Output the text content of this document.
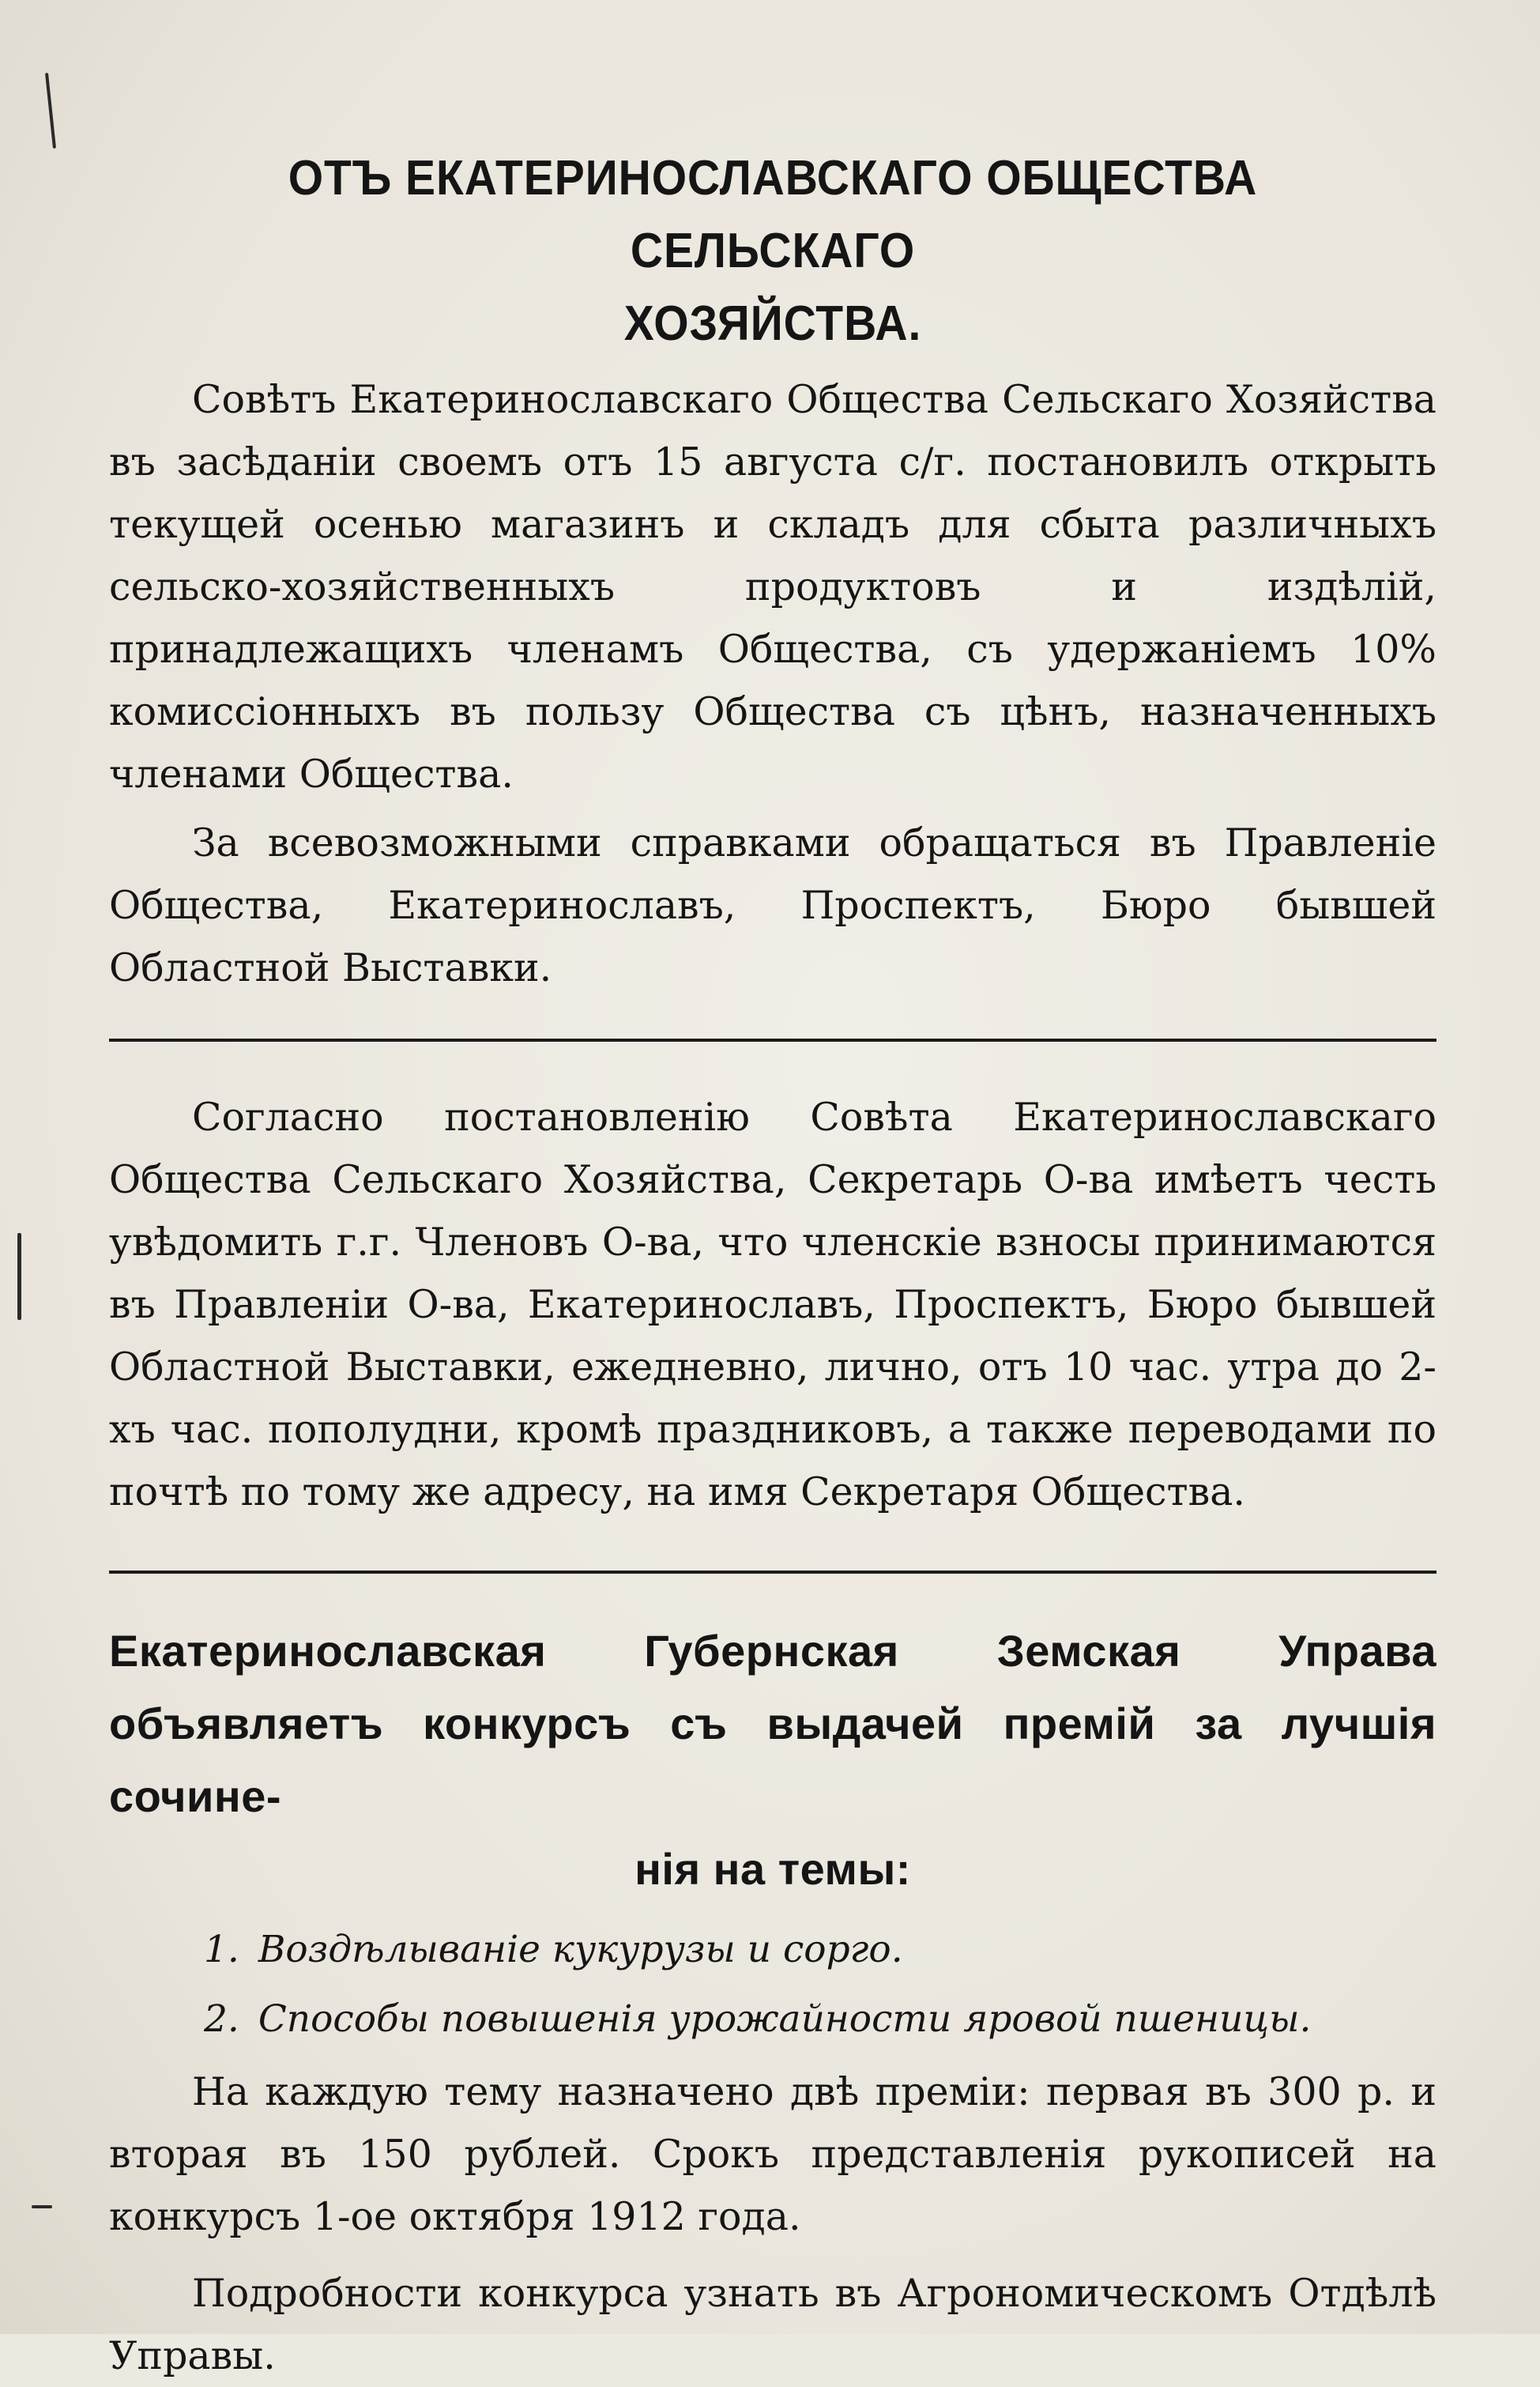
ОТЪ ЕКАТЕРИНОСЛАВСКАГО ОБЩЕСТВА СЕЛЬСКАГО
ХОЗЯЙСТВА.

Совѣтъ Екатеринославскаго Общества Сельскаго Хозяйства въ засѣданіи своемъ отъ 15 августа с/г. постановилъ открыть текущей осенью магазинъ и складъ для сбыта различныхъ сельско-хозяйственныхъ продуктовъ и издѣлій, принадлежащихъ членамъ Общества, съ удержаніемъ 10% комиссіонныхъ въ пользу Общества съ цѣнъ, назначенныхъ членами Общества.

За всевозможными справками обращаться въ Правленіе Общества, Екатеринославъ, Проспектъ, Бюро бывшей Областной Выставки.

Согласно постановленію Совѣта Екатеринославскаго Общества Сельскаго Хозяйства, Секретарь О-ва имѣетъ честь увѣдомить г.г. Членовъ О-ва, что членскіе взносы принимаются въ Правленіи О-ва, Екатеринославъ, Проспектъ, Бюро бывшей Областной Выставки, ежедневно, лично, отъ 10 час. утра до 2-хъ час. пополудни, кромѣ праздниковъ, а также переводами по почтѣ по тому же адресу, на имя Секретаря Общества.

Екатеринославская Губернская Земская Управа объявляетъ конкурсъ съ выдачей премій за лучшія сочине-
нія на темы:
1. Воздѣлываніе кукурузы и сорго.
2. Способы повышенія урожайности яровой пшеницы.

На каждую тему назначено двѣ преміи: первая въ 300 р. и вторая въ 150 рублей. Срокъ представленія рукописей на конкурсъ 1-ое октября 1912 года.

Подробности конкурса узнать въ Агрономическомъ Отдѣлѣ Управы.
